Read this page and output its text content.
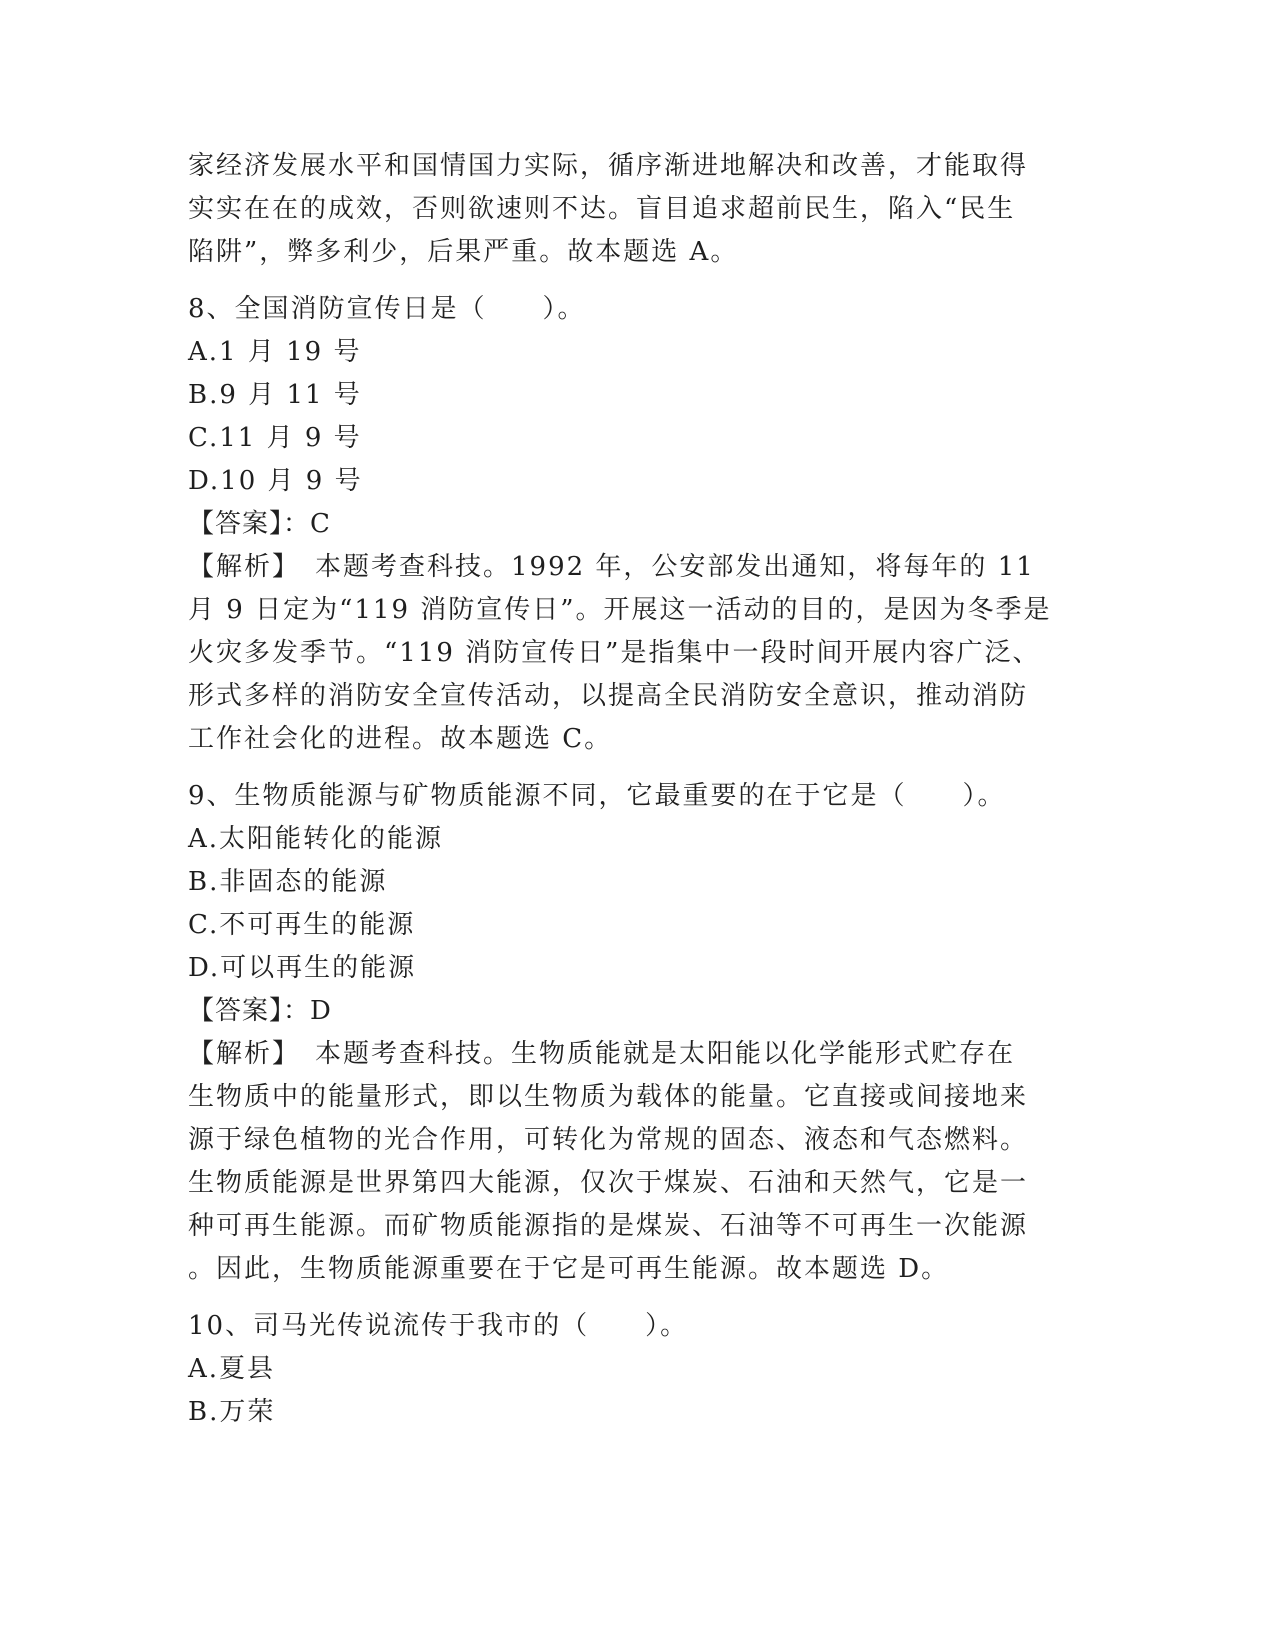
家经济发展水平和国情国力实际，循序渐进地解决和改善，才能取得
实实在在的成效，否则欲速则不达。盲目追求超前民生，陷入“民生
陷阱”，弊多利少，后果严重。故本题选 A。
8、全国消防宣传日是（　　）。
A.1 月 19 号
B.9 月 11 号
C.11 月 9 号
D.10 月 9 号
【答案】：C
【解析】　本题考查科技。1992 年，公安部发出通知，将每年的 11
月 9 日定为“119 消防宣传日”。开展这一活动的目的，是因为冬季是
火灾多发季节。“119 消防宣传日”是指集中一段时间开展内容广泛、
形式多样的消防安全宣传活动，以提高全民消防安全意识，推动消防
工作社会化的进程。故本题选 C。
9、生物质能源与矿物质能源不同，它最重要的在于它是（　　）。
A.太阳能转化的能源
B.非固态的能源
C.不可再生的能源
D.可以再生的能源
【答案】：D
【解析】　本题考查科技。生物质能就是太阳能以化学能形式贮存在
生物质中的能量形式，即以生物质为载体的能量。它直接或间接地来
源于绿色植物的光合作用，可转化为常规的固态、液态和气态燃料。
生物质能源是世界第四大能源，仅次于煤炭、石油和天然气，它是一
种可再生能源。而矿物质能源指的是煤炭、石油等不可再生一次能源
。因此，生物质能源重要在于它是可再生能源。故本题选 D。
10、司马光传说流传于我市的（　　）。
A.夏县
B.万荣
